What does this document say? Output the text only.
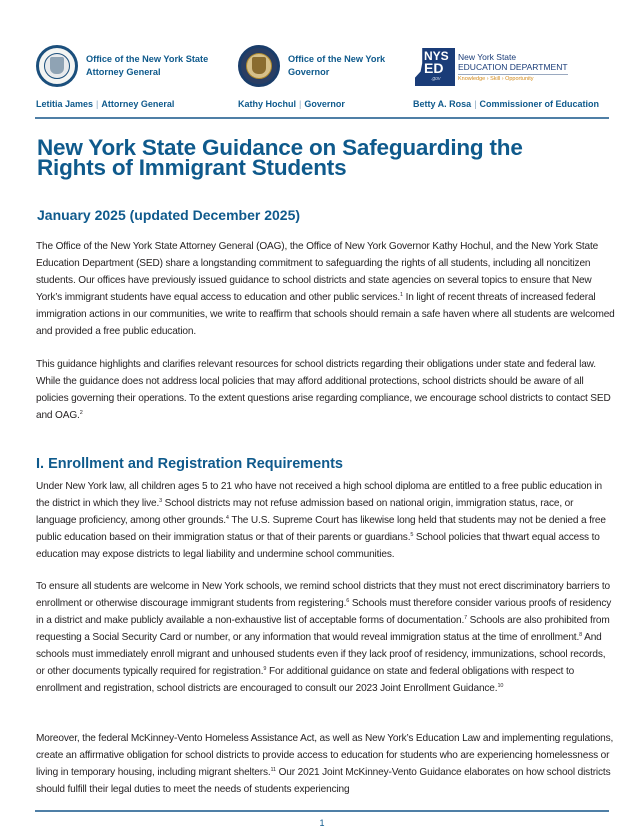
Office of the New York State
Attorney General
Office of the New York
Governor
NYS
ED
.gov
New York State
EDUCATION DEPARTMENT
Knowledge › Skill › Opportunity
Letitia James | Attorney General	Kathy Hochul | Governor	Betty A. Rosa | Commissioner of Education
New York State Guidance on Safeguarding the
Rights of Immigrant Students
January 2025 (updated December 2025)

The Office of the New York State Attorney General (OAG), the Office of New York Governor Kathy Hochul, and the New York State Education Department (SED) share a longstanding commitment to safeguarding the rights of all students, including all noncitizen students. Our offices have previously issued guidance to school districts and state agencies on several topics to ensure that New York’s immigrant students have equal access to education and other public services.$^1$ In light of recent threats of increased federal immigration actions in our communities, we write to reaffirm that schools should remain a safe haven where all students are welcomed and provided a free public education.

This guidance highlights and clarifies relevant resources for school districts regarding their obligations under state and federal law. While the guidance does not address local policies that may afford additional protections, school districts should be aware of all policies governing their operations. To the extent questions arise regarding compliance, we encourage school districts to contact SED and OAG.$^2$

I. Enrollment and Registration Requirements

Under New York law, all children ages 5 to 21 who have not received a high school diploma are entitled to a free public education in the district in which they live.$^3$ School districts may not refuse admission based on national origin, immigration status, race, or language proficiency, among other grounds.$^4$ The U.S. Supreme Court has likewise long held that students may not be denied a free public education based on their immigration status or that of their parents or guardians.$^5$ School policies that thwart equal access to education may expose districts to legal liability and undermine school communities.

To ensure all students are welcome in New York schools, we remind school districts that they must not erect discriminatory barriers to enrollment or otherwise discourage immigrant students from registering.$^6$ Schools must therefore consider various proofs of residency in a district and make publicly available a non-exhaustive list of acceptable forms of documentation.$^7$ Schools are also prohibited from requesting a Social Security Card or number, or any information that would reveal immigration status at the time of enrollment.$^8$ And schools must immediately enroll migrant and unhoused students even if they lack proof of residency, immunizations, school records, or other documents typically required for registration.$^9$ For additional guidance on state and federal obligations with respect to enrollment and registration, school districts are encouraged to consult our 2023 Joint Enrollment Guidance.$^{10}$

Moreover, the federal McKinney-Vento Homeless Assistance Act, as well as New York’s Education Law and implementing regulations, create an affirmative obligation for school districts to provide access to education for students who are experiencing homelessness or living in temporary housing, including migrant shelters.$^{11}$ Our 2021 Joint McKinney-Vento Guidance elaborates on how school districts should fulfill their legal duties to meet the needs of students experiencing

1
